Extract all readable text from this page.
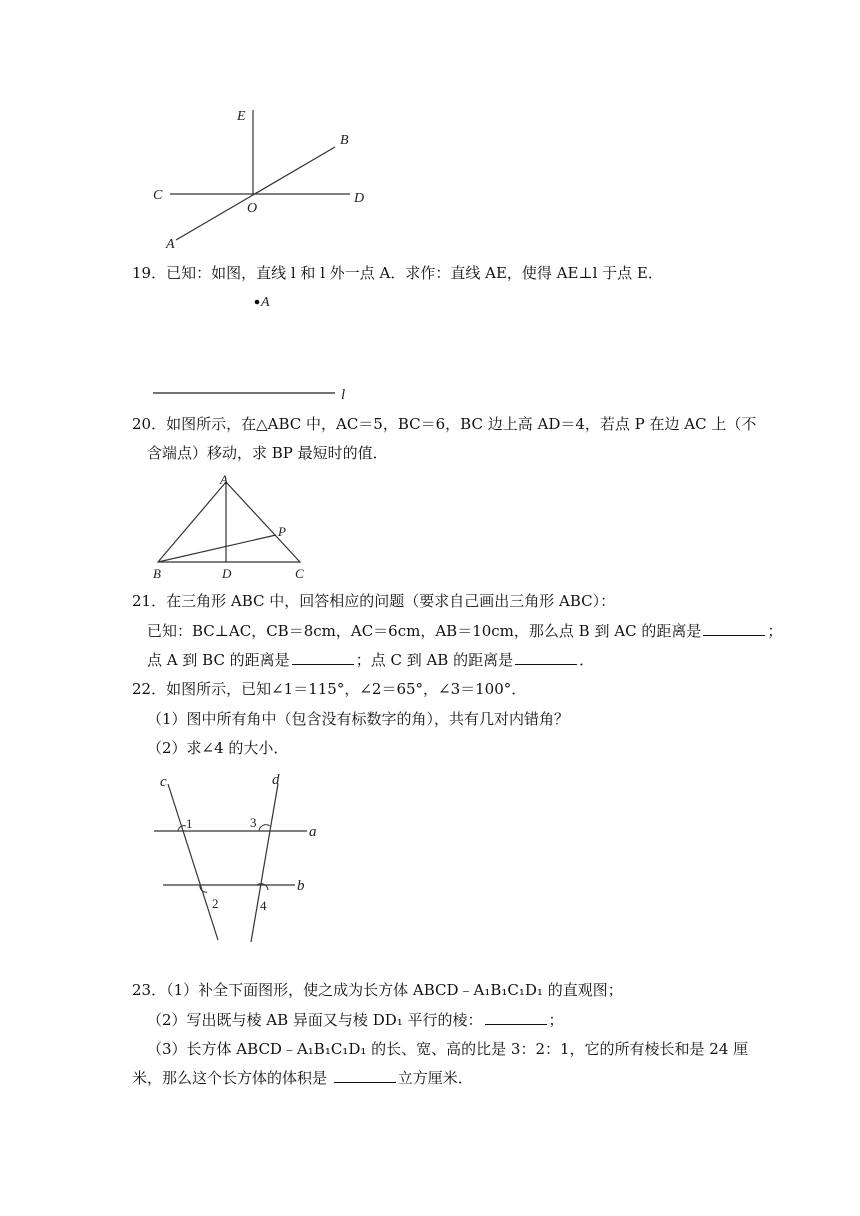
E
B
C
O
D
A
19．已知：如图，直线 l 和 l 外一点 A．求作：直线 AE，使得 AE⊥l 于点 E．
A
l
20．如图所示，在△ABC 中，AC＝5，BC＝6，BC 边上高 AD＝4，若点 P 在边 AC 上（不
含端点）移动，求 BP 最短时的值．
A
P
B	D	C
21．在三角形 ABC 中，回答相应的问题（要求自己画出三角形 ABC）：
已知：BC⊥AC，CB＝8cm，AC＝6cm，AB＝10cm，那么点 B 到 AC 的距离是	；
点 A 到 BC 的距离是	；点 C 到 AB 的距离是	．
22．如图所示，已知∠1＝115°，∠2＝65°，∠3＝100°．
（1）图中所有角中（包含没有标数字的角），共有几对内错角？
（2）求∠4 的大小．
c	d
a
b
1	3
2	4
23．（1）补全下面图形，使之成为长方体 ABCD﹣A₁B₁C₁D₁ 的直观图；
（2）写出既与棱 AB 异面又与棱 DD₁ 平行的棱：	；
（3）长方体 ABCD﹣A₁B₁C₁D₁ 的长、宽、高的比是 3：2：1，它的所有棱长和是 24 厘
米，那么这个长方体的体积是	立方厘米．
